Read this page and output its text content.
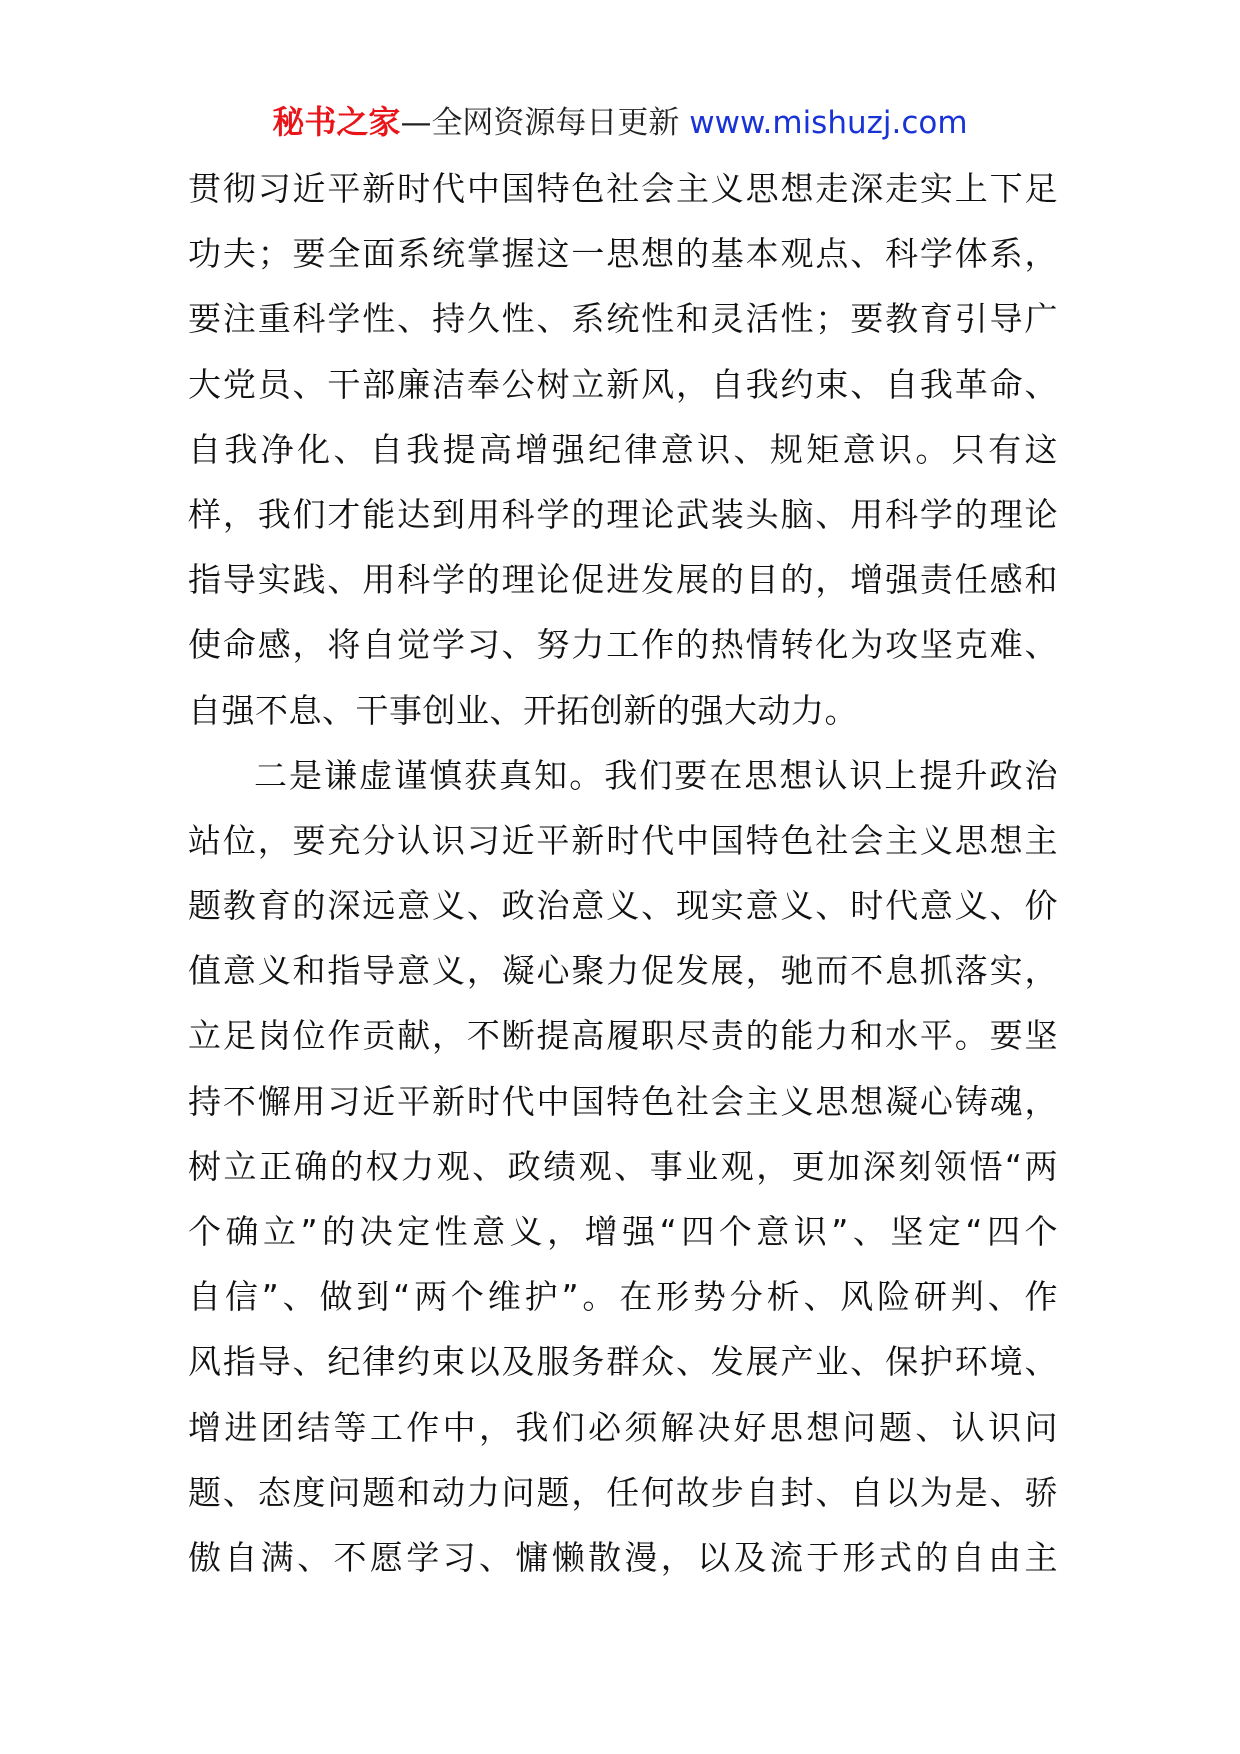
秘书之家—全网资源每日更新 www.mishuzj.com
贯彻习近平新时代中国特色社会主义思想走深走实上下足
功夫；要全面系统掌握这一思想的基本观点、科学体系，
要注重科学性、持久性、系统性和灵活性；要教育引导广
大党员、干部廉洁奉公树立新风，自我约束、自我革命、
自我净化、自我提高增强纪律意识、规矩意识。只有这
样，我们才能达到用科学的理论武装头脑、用科学的理论
指导实践、用科学的理论促进发展的目的，增强责任感和
使命感，将自觉学习、努力工作的热情转化为攻坚克难、
自强不息、干事创业、开拓创新的强大动力。
二是谦虚谨慎获真知。我们要在思想认识上提升政治
站位，要充分认识习近平新时代中国特色社会主义思想主
题教育的深远意义、政治意义、现实意义、时代意义、价
值意义和指导意义，凝心聚力促发展，驰而不息抓落实，
立足岗位作贡献，不断提高履职尽责的能力和水平。要坚
持不懈用习近平新时代中国特色社会主义思想凝心铸魂，
树立正确的权力观、政绩观、事业观，更加深刻领悟“两
个确立”的决定性意义，增强“四个意识”、坚定“四个
自信”、做到“两个维护”。在形势分析、风险研判、作
风指导、纪律约束以及服务群众、发展产业、保护环境、
增进团结等工作中，我们必须解决好思想问题、认识问
题、态度问题和动力问题，任何故步自封、自以为是、骄
傲自满、不愿学习、慵懒散漫，以及流于形式的自由主
